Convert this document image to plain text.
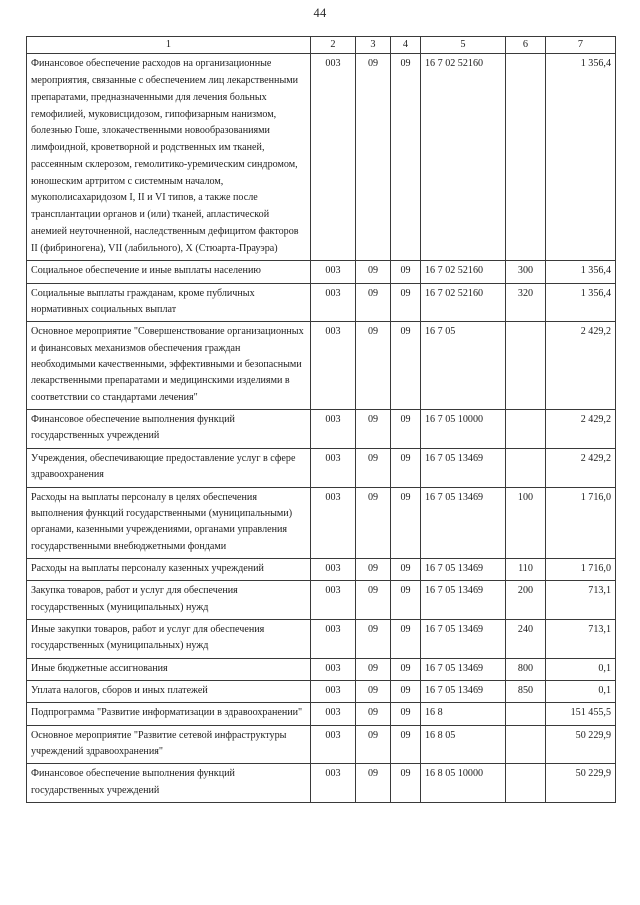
44
1	2	3	4	5	6	7
Финансовое обеспечение расходов на организационные мероприятия, связанные с обеспечением лиц лекарственными препаратами, предназначенными для лечения больных гемофилией, муковисцидозом, гипофизарным нанизмом, болезнью Гоше, злокачественными новообразованиями лимфоидной, кроветворной и родственных им тканей, рассеянным склерозом, гемолитико-уремическим синдромом, юношеским артритом с системным началом, мукополисахаридозом I, II и VI типов, а также после трансплантации органов и (или) тканей, апластической анемией неуточненной, наследственным дефицитом факторов II (фибриногена), VII (лабильного), X (Стюарта-Прауэра)	003	09	09	16 7 02 52160		1 356,4
Социальное обеспечение и иные выплаты населению	003	09	09	16 7 02 52160	300	1 356,4
Социальные выплаты гражданам, кроме публичных нормативных социальных выплат	003	09	09	16 7 02 52160	320	1 356,4
Основное мероприятие "Совершенствование организационных и финансовых механизмов обеспечения граждан необходимыми качественными, эффективными и безопасными лекарственными препаратами и медицинскими изделиями в соответствии со стандартами лечения"	003	09	09	16 7 05		2 429,2
Финансовое обеспечение выполнения функций государственных учреждений	003	09	09	16 7 05 10000		2 429,2
Учреждения, обеспечивающие предоставление услуг в сфере здравоохранения	003	09	09	16 7 05 13469		2 429,2
Расходы на выплаты персоналу в целях обеспечения выполнения функций государственными (муниципальными) органами, казенными учреждениями, органами управления государственными внебюджетными фондами	003	09	09	16 7 05 13469	100	1 716,0
Расходы на выплаты персоналу казенных учреждений	003	09	09	16 7 05 13469	110	1 716,0
Закупка товаров, работ и услуг для обеспечения государственных (муниципальных) нужд	003	09	09	16 7 05 13469	200	713,1
Иные закупки товаров, работ и услуг для обеспечения государственных (муниципальных) нужд	003	09	09	16 7 05 13469	240	713,1
Иные бюджетные ассигнования	003	09	09	16 7 05 13469	800	0,1
Уплата налогов, сборов и иных платежей	003	09	09	16 7 05 13469	850	0,1
Подпрограмма "Развитие информатизации в здравоохранении"	003	09	09	16 8		151 455,5
Основное мероприятие "Развитие сетевой инфраструктуры учреждений здравоохранения"	003	09	09	16 8 05		50 229,9
Финансовое обеспечение выполнения функций государственных учреждений	003	09	09	16 8 05 10000		50 229,9
